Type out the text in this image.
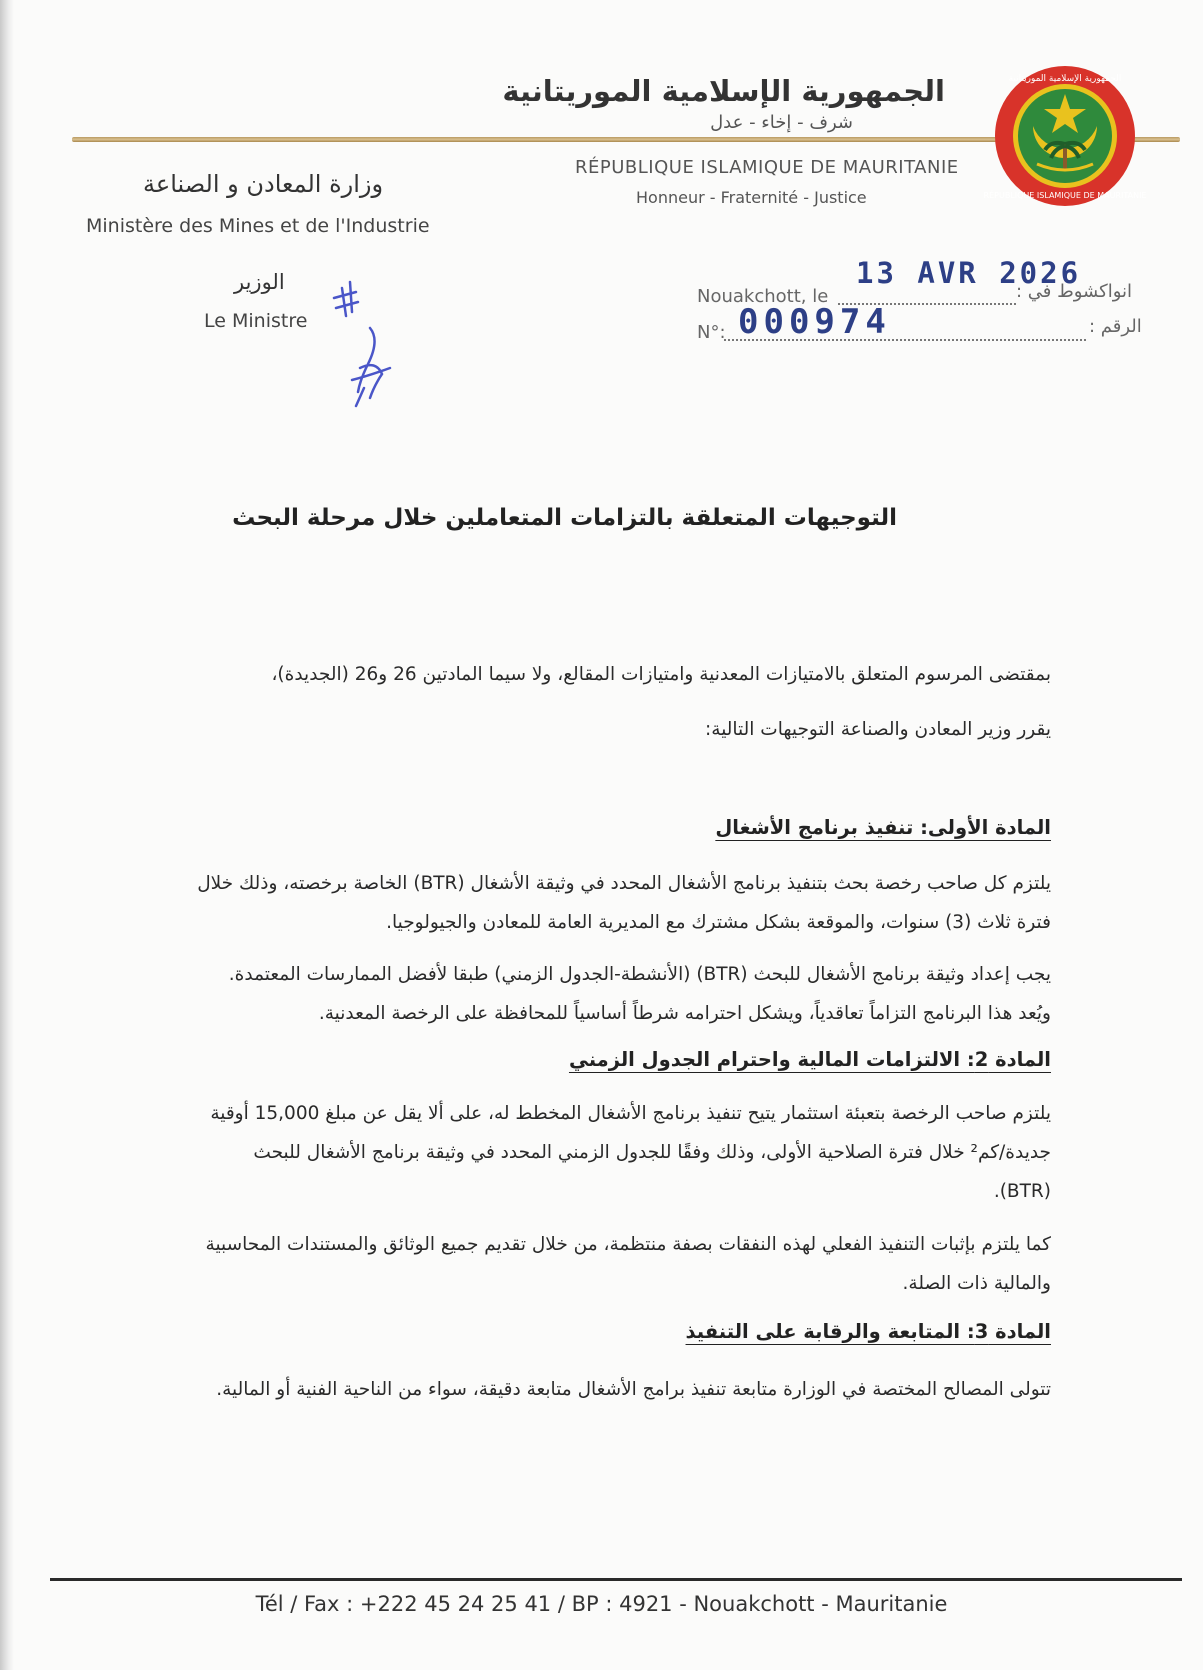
الجمهورية الإسلامية الموريتانية
شرف - إخاء - عدل
RÉPUBLIQUE ISLAMIQUE DE MAURITANIE
Honneur - Fraternité - Justice
وزارة المعادن و الصناعة
Ministère des Mines et de l'Industrie
الوزير
Le Ministre
الجمهورية الإسلامية الموريتانية
RÉPUBLIQUE ISLAMIQUE DE MAURITANIE
Nouakchott, le	انواكشوط في :
13 AVR 2026
N°:	الرقم :
000974
التوجيهات المتعلقة بالتزامات المتعاملين خلال مرحلة البحث
بمقتضى المرسوم المتعلق بالامتيازات المعدنية وامتيازات المقالع، ولا سيما المادتين 26 و26 (الجديدة)،
يقرر وزير المعادن والصناعة التوجيهات التالية:
المادة الأولى: تنفيذ برنامج الأشغال
يلتزم كل صاحب رخصة بحث بتنفيذ برنامج الأشغال المحدد في وثيقة الأشغال (BTR) الخاصة برخصته، وذلك خلال فترة ثلاث (3) سنوات، والموقعة بشكل مشترك مع المديرية العامة للمعادن والجيولوجيا.
يجب إعداد وثيقة برنامج الأشغال للبحث (BTR) (الأنشطة-الجدول الزمني) طبقا لأفضل الممارسات المعتمدة. ويُعد هذا البرنامج التزاماً تعاقدياً، ويشكل احترامه شرطاً أساسياً للمحافظة على الرخصة المعدنية.
المادة 2: الالتزامات المالية واحترام الجدول الزمني
يلتزم صاحب الرخصة بتعبئة استثمار يتيح تنفيذ برنامج الأشغال المخطط له، على ألا يقل عن مبلغ 15,000 أوقية جديدة/كم² خلال فترة الصلاحية الأولى، وذلك وفقًا للجدول الزمني المحدد في وثيقة برنامج الأشغال للبحث (BTR).
كما يلتزم بإثبات التنفيذ الفعلي لهذه النفقات بصفة منتظمة، من خلال تقديم جميع الوثائق والمستندات المحاسبية والمالية ذات الصلة.
المادة 3: المتابعة والرقابة على التنفيذ
تتولى المصالح المختصة في الوزارة متابعة تنفيذ برامج الأشغال متابعة دقيقة، سواء من الناحية الفنية أو المالية.
Tél / Fax : +222 45 24 25 41 / BP : 4921 - Nouakchott - Mauritanie
